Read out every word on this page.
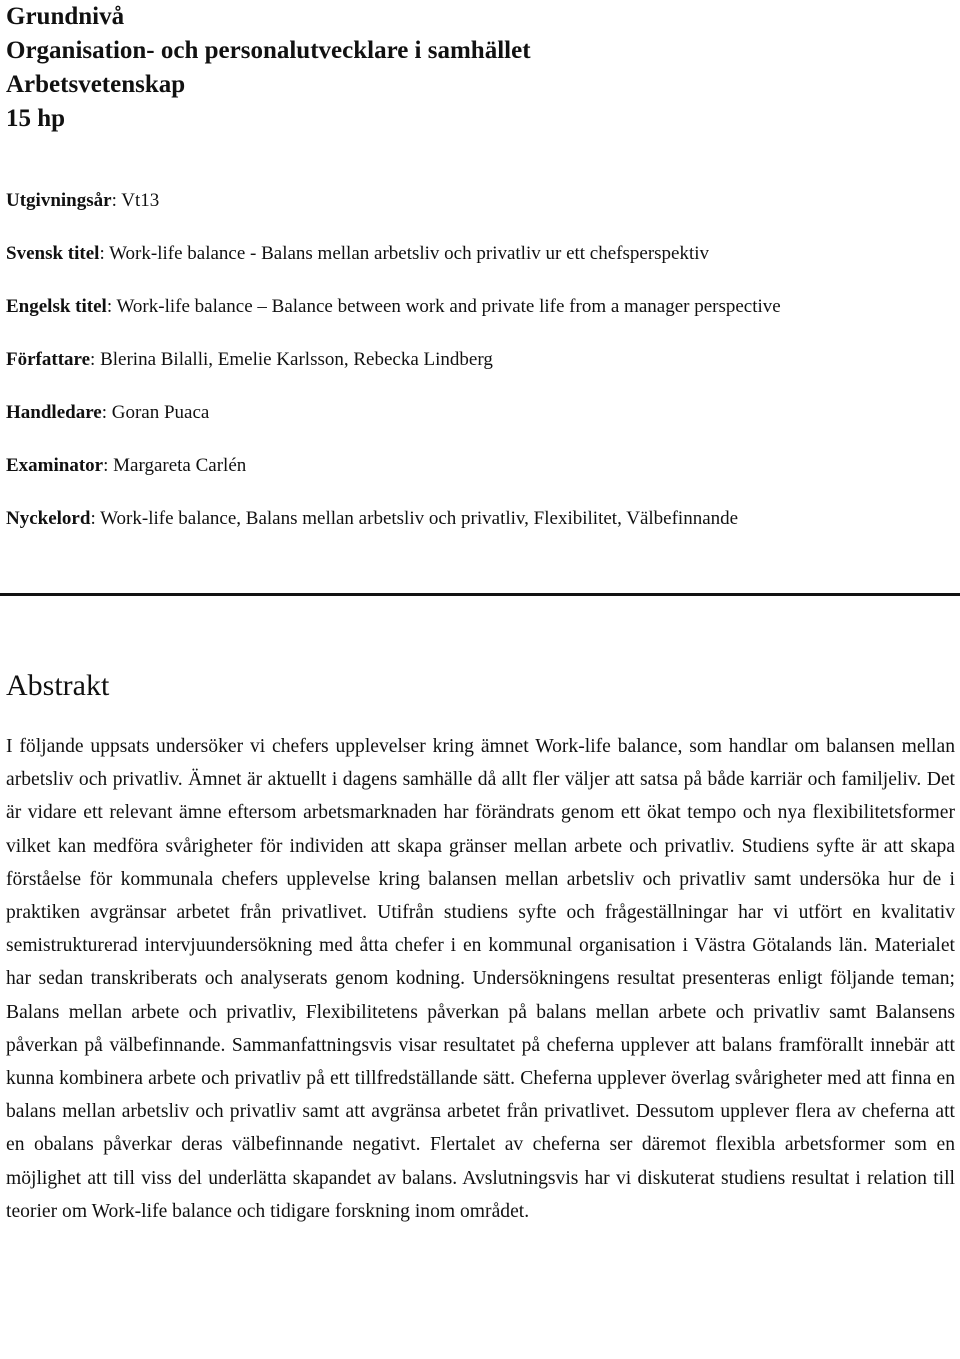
Grundnivå
Organisation- och personalutvecklare i samhället
Arbetsvetenskap
15 hp
Utgivningsår: Vt13
Svensk titel: Work-life balance - Balans mellan arbetsliv och privatliv ur ett chefsperspektiv
Engelsk titel: Work-life balance – Balance between work and private life from a manager perspective
Författare: Blerina Bilalli, Emelie Karlsson, Rebecka Lindberg
Handledare: Goran Puaca
Examinator: Margareta Carlén
Nyckelord: Work-life balance, Balans mellan arbetsliv och privatliv, Flexibilitet, Välbefinnande
Abstrakt

I följande uppsats undersöker vi chefers upplevelser kring ämnet Work-life balance, som handlar om balansen mellan arbetsliv och privatliv. Ämnet är aktuellt i dagens samhälle då allt fler väljer att satsa på både karriär och familjeliv. Det är vidare ett relevant ämne eftersom arbetsmarknaden har förändrats genom ett ökat tempo och nya flexibilitetsformer vilket kan medföra svårigheter för individen att skapa gränser mellan arbete och privatliv. Studiens syfte är att skapa förståelse för kommunala chefers upplevelse kring balansen mellan arbetsliv och privatliv samt undersöka hur de i praktiken avgränsar arbetet från privatlivet. Utifrån studiens syfte och frågeställningar har vi utfört en kvalitativ semistrukturerad intervjuundersökning med åtta chefer i en kommunal organisation i Västra Götalands län. Materialet har sedan transkriberats och analyserats genom kodning. Undersökningens resultat presenteras enligt följande teman; Balans mellan arbete och privatliv, Flexibilitetens påverkan på balans mellan arbete och privatliv samt Balansens påverkan på välbefinnande. Sammanfattningsvis visar resultatet på cheferna upplever att balans framförallt innebär att kunna kombinera arbete och privatliv på ett tillfredställande sätt. Cheferna upplever överlag svårigheter med att finna en balans mellan arbetsliv och privatliv samt att avgränsa arbetet från privatlivet. Dessutom upplever flera av cheferna att en obalans påverkar deras välbefinnande negativt. Flertalet av cheferna ser däremot flexibla arbetsformer som en möjlighet att till viss del underlätta skapandet av balans. Avslutningsvis har vi diskuterat studiens resultat i relation till teorier om Work-life balance och tidigare forskning inom området.
